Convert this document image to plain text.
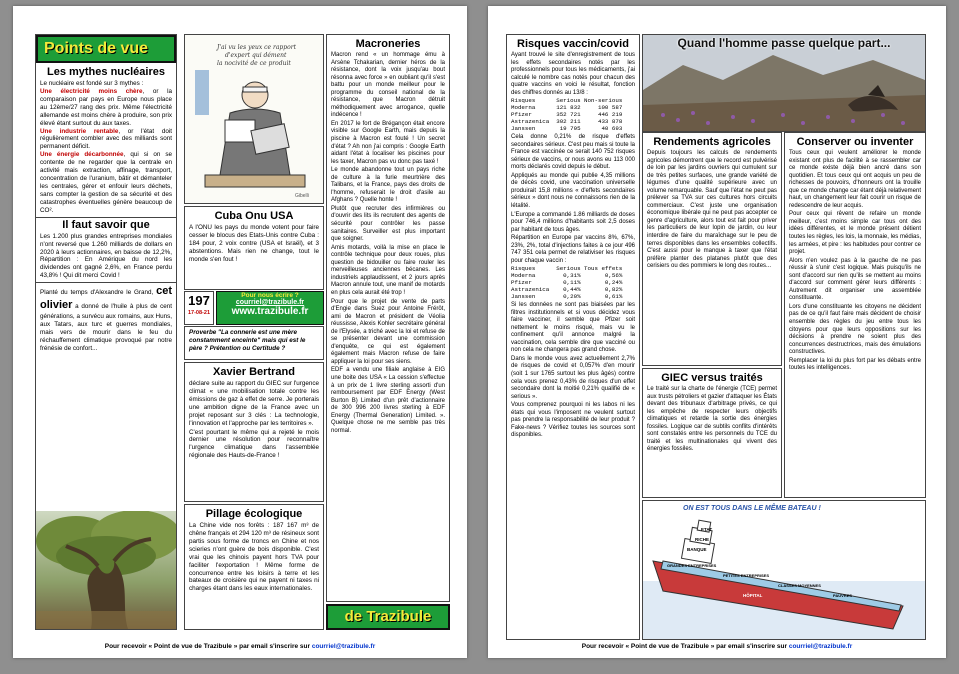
Points de vue
Les mythes nucléaires

Le nucléaire est fondé sur 3 mythes :
Une électricité moins chère, or la comparaison par pays en Europe nous place au 12ème/27 rang des prix. Même l'électricité allemande est moins chère à produire, son prix élevé étant surtout du aux taxes.
Une industrie rentable, or l'état doit régulièrement combler avec des milliards sont permanent déficit.
Une énergie décarbonnée, qui si on se contente de ne regarder que la centrale en activité mais extraction, affinage, transport, concentration de l'uranium, bâtir et démanteler les centrales, gérer et enfouir leurs déchets, sans compter la gestion de sa sécurité et des catastrophes éventuelles génère beaucoup de CO².

Il faut savoir que

Les 1.200 plus grandes entreprises mondiales n'ont reversé que 1.260 milliards de dollars en 2020 à leurs actionnaires, en baisse de 12,2%, Répartition : En Amérique du nord les dividendes ont gagné 2,6%, en France perdu 43,8% ! Qui dit merci Covid !

Planté du temps d'Alexandre le Grand, cet olivier a donné de l'huile à plus de cent générations, a survécu aux romains, aux Huns, aux Tatars, aux turc et guerres mondiales, mais vers de mourir dans le feu du réchauffement climatique provoqué par notre frénésie de confort...

J'ai vu les yeux ce rapport
d'expert qui dément
la nocivité de ce produit
Gibelli
Cuba Onu USA

A l'ONU les pays du monde votent pour faire cesser le blocus des Etats-Unis contre Cuba : 184 pour, 2 voix contre (USA et Israël), et 3 abstentions. Mais rien ne change, tout le monde s'en fout !

197
17-08-21
Pour nous écrire ?
courriel@trazibule.fr
www.trazibule.fr

Proverbe "La connerie est une mère constamment enceinte" mais qui est le père ? Prétention ou Certitude ?

Xavier Bertrand

déclare suite au rapport du GIEC sur l'urgence climat « une mobilisation totale contre les émissions de gaz à effet de serre. Je porterais une ambition digne de la France avec un projet reposant sur 3 clés : La technologie, l'innovation et l'approche par les territoires ».

C'est pourtant le même qui a rejeté le mois dernier une résolution pour reconnaître l'urgence climatique dans l'assemblée régionale des Hauts-de-France !

Pillage écologique

La Chine vide nos forêts : 187 167 m³ de chêne français et 294 120 m³ de résineux sont partis sous forme de troncs en Chine et nos scieries n'ont guère de bois disponible. C'est vrai que les chinois payent hors TVA pour faciliter l'exportation ! Même forme de concurrence entre les loisirs à terre et les bateaux de croisière qui ne payent ni taxes ni charges étant dans les eaux internationales.

Macroneries

Macron rend « un hommage ému à Arsène Tchakarian, dernier héros de la résistance, dont la voix jusqu'au bout résonna avec force » en oubliant qu'il s'est battu pour un monde meilleur pour le programme du conseil national de la résistance, que Macron détruit méthodiquement avec arrogance, quelle indécence !

En 2017 le fort de Brégançon était encore visible sur Google Earth, mais depuis la piscine à Macron est fouté ! Un secret d'état ? Ah non j'ai compris : Google Earth aidant l'état à localiser les piscines pour les taxer, Macron pas vu donc pas taxé !

Le monde abandonne tout un pays riche de culture à la furie meurtrière des Talibans, et la France, pays des droits de l'homme, refuserait le droit d'asile au Afghans ? Quelle honte !

Plutôt que recruter des infirmières ou d'ouvrir des lits ils recrutent des agents de sécurité pour contrôler les passe sanitaires. Surveiller est plus important que soigner.

Amis motards, voilà la mise en place le contrôle technique pour deux roues, plus question de bidouiller ou faire rouler les merveilleuses anciennes bécanes. Les industriels applaudissent, et 2 jours après Macron annule tout, une manif de motards en plus cela aurait été trop !

Pour que le projet de vente de parts d'Engie dans Suez pour Antoine Fréröt, ami de Macron et président de Véolia réussisse, Alexis Kohler secrétaire général de l'Elysée, a triché avec la loi et refuse de se présenter devant une commission d'enquête, ce qui est également également mais Macron refuse de faire appliquer la loi pour ses siens.

EDF a vendu une filiale anglaise à EIG une boite des USA « La cession s'effectue à un prix de 1 livre sterling assorti d'un remboursement par EDF Energy (West Burton B) Limited d'un prêt d'actionnaire de 300 996 200 livres sterling à EDF Energy (Thermal Generation) Limited. ». Quelque chose ne me semble pas très normal.

de Trazibule
Pour recevoir « Point de vue de Trazibule » par email s'inscrire sur courriel@trazibule.fr
Risques vaccin/covid

Ayant trouvé le site d'enregistrement de tous les effets secondaires notés par les professionnels pour tous les médicaments, j'ai calculé le nombre cas notés pour chacun des quatre vaccins en voici le résultat, fonction des chiffres donnés au 13/8 :

Risques      Serious Non-serious
Moderna      121 832     100 587
Pfizer       352 721     446 219
Astrazenica  302 211     433 878
Janssen       19 795      40 693

Cela donne 0,21% de risque d'effets secondaires sérieux. C'est peu mais si toute la France est vaccinée ce serait 140 752 risques sérieux de vaccins, or nous avons eu 113 000 morts déclarés covid depuis le début.

Appliqués au monde qui publie 4,35 millions de décès covid, une vaccination universelle produirait 15,8 millions « d'effets secondaires sérieux » dont nous ne connaissons rien de la létalité.

L'Europe a commandé 1.86 milliards de doses pour 746,4 millions d'habitants soit 2,5 doses par habitant de tous âges.

Répartition en Europe par vaccins 8%, 67%, 23%, 2%, total d'injections faites à ce jour 496 747 351 cela permet de relativiser les risques pour chaque vaccin :

Risques      Serious Tous effets
Moderna        0,31%       0,56%
Pfizer         0,11%       0,24%
Astrazenica    0,44%       0,82%
Janssen        0,20%       0,61%

Si les données ne sont pas biaisées par les filtres institutionnels et si vous décidez vous faire vacciner, il semble que Pfizer soit nettement le moins risqué, mais vu le confinement qu'il annonce malgré la vaccination, cela semble dire que vacciné ou non cela ne changera pas grand chose.

Dans le monde vous avez actuellement 2,7% de risques de covid et 0,057% d'en mourir (soit 1 sur 1765 surtout les plus âgés) contre cela vous prenez 0,43% de risques d'un effet secondaire dont la moitié 0,21% qualifié de « serious ».

Vous comprenez pourquoi ni les labos ni les états qui vous l'imposent ne veulent surtout pas prendre la responsabilité de leur produit ? Fake-news ? Vérifiez toutes les sources sont disponibles.

Quand l'homme passe quelque part...
Rendements agricoles

Depuis toujours les calculs de rendements agricoles démontrent que le record est pulvérisé de loin par les jardins ouvriers qui cumulent sur de très petites surfaces, une grande variété de légumes d'une qualité supérieure avec un volume remarquable. Sauf que l'état ne peut pas prélever sa TVA sur ces cultures hors circuits commerciaux. C'est juste une organisation économique libérale qui ne peut pas accepter ce genre d'agriculture, alors tout est fait pour priver les particuliers de leur lopin de jardin, ou leur interdire de faire du maraîchage sur le peu de terres disponibles dans les ensembles collectifs. C'est aussi pour le manque à taxer que l'état préfère planter des platanes plutôt que des cerisiers ou des pommiers le long des routes...

GIEC versus traités

Le traité sur la charte de l'énergie (TCE) permet aux trusts pétroliers et gazier d'attaquer les États devant des tribunaux d'arbitrage privés, ce qui les empêche de respecter leurs objectifs climatiques et retarde la sortie des énergies fossiles. Logique car de subtils conflits d'intérêts sont constatés entre les personnels du TCE du traité et les multinationales qui vivent des énergies fossiles.

Conserver ou inventer

Tous ceux qui veulent améliorer le monde existant ont plus de facilité à se rassembler car ce monde existe déjà bien ancré dans son quotidien. Et tous ceux qui ont acquis un peu de richesses de pouvoirs, d'honneurs ont la trouille que ce monde change car étant déjà relativement haut, un changement leur fait courir un risque de redescendre de leur acquis.

Pour ceux qui rêvent de refaire un monde meilleur, c'est moins simple car tous ont des idées différentes, et le monde présent détient toutes les règles, les lois, la monnaie, les médias, les armées, et pire : les habitudes pour contrer ce projet.

Alors n'en voulez pas à la gauche de ne pas réussir à s'unir c'est logique. Mais puisqu'ils ne sont d'accord sur rien qu'ils se mettent au moins d'accord sur comment gérer leurs différents : Autrement dit organiser une assemblée constituante.

Lors d'une constituante les citoyens ne décident pas de ce qu'il faut faire mais décident de choisir ensemble des règles du jeu entre tous les citoyens pour que leurs oppositions sur les décisions à prendre ne soient plus des concurrences destructrices, mais des émulations constructives.

Remplacer la loi du plus fort par les débats entre toutes les intelligences.

ON EST TOUS DANS LE MÊME BATEAU !
ETAT
RICHE
BANQUE
GRANDES ENTREPRISES
PETITES ENTREPRISES
CLASSES MOYENNES
PAUVRES
HÔPITAL
Pour recevoir « Point de vue de Trazibule » par email s'inscrire sur courriel@trazibule.fr
